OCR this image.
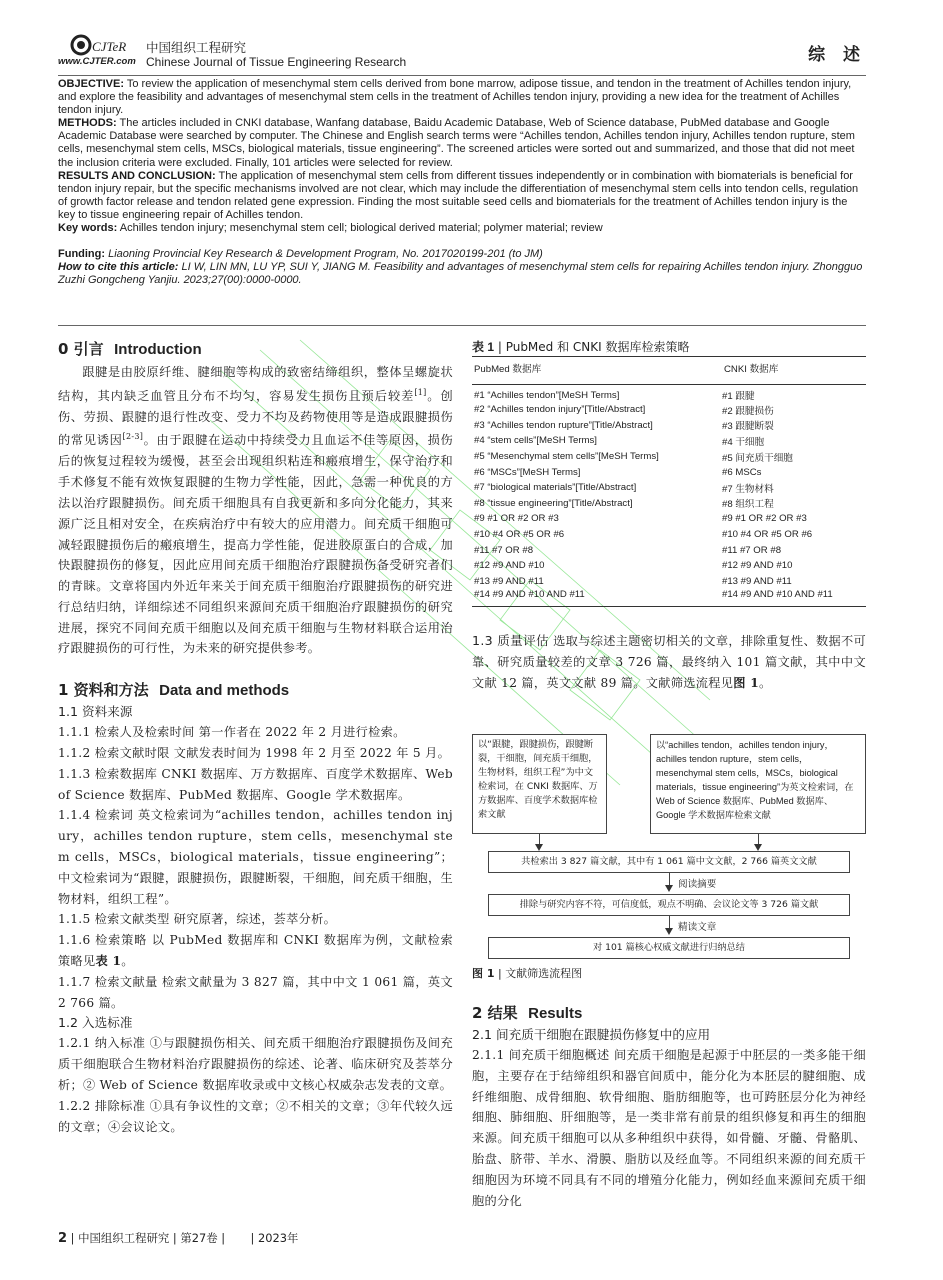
CJTeR
www.CJTER.com
中国组织工程研究
Chinese Journal of Tissue Engineering Research	综 述

OBJECTIVE: To review the application of mesenchymal stem cells derived from bone marrow, adipose tissue, and tendon in the treatment of Achilles tendon injury, and explore the feasibility and advantages of mesenchymal stem cells in the treatment of Achilles tendon injury, providing a new idea for the treatment of Achilles tendon injury.

METHODS: The articles included in CNKI database, Wanfang database, Baidu Academic Database, Web of Science database, PubMed database and Google Academic Database were searched by computer. The Chinese and English search terms were “Achilles tendon, Achilles tendon injury, Achilles tendon rupture, stem cells, mesenchymal stem cells, MSCs, biological materials, tissue engineering”. The screened articles were sorted out and summarized, and those that did not meet the inclusion criteria were excluded. Finally, 101 articles were selected for review.

RESULTS AND CONCLUSION: The application of mesenchymal stem cells from different tissues independently or in combination with biomaterials is beneficial for tendon injury repair, but the specific mechanisms involved are not clear, which may include the differentiation of mesenchymal stem cells into tendon cells, regulation of growth factor release and tendon related gene expression. Finding the most suitable seed cells and biomaterials for the treatment of Achilles tendon injury is the key to tissue engineering repair of Achilles tendon.

Key words: Achilles tendon injury; mesenchymal stem cell; biological derived material; polymer material; review

Funding: Liaoning Provincial Key Research & Development Program, No. 2017020199-201 (to JM)

How to cite this article: LI W, LIN MN, LU YP, SUI Y, JIANG M. Feasibility and advantages of mesenchymal stem cells for repairing Achilles tendon injury. Zhongguo Zuzhi Gongcheng Yanjiu. 2023;27(00):0000-0000.

0 引言 Introduction

跟腱是由胶原纤维、腱细胞等构成的致密结缔组织，整体呈螺旋状结构，其内缺乏血管且分布不均匀，容易发生损伤且预后较差[1]。创伤、劳损、跟腱的退行性改变、受力不均及药物使用等是造成跟腱损伤的常见诱因[2-3]。由于跟腱在运动中持续受力且血运不佳等原因，损伤后的恢复过程较为缓慢，甚至会出现组织粘连和瘢痕增生，保守治疗和手术修复不能有效恢复跟腱的生物力学性能，因此，急需一种优良的方法以治疗跟腱损伤。间充质干细胞具有自我更新和多向分化能力，其来源广泛且相对安全，在疾病治疗中有较大的应用潜力。间充质干细胞可减轻跟腱损伤后的瘢痕增生，提高力学性能，促进胶原蛋白的合成，加快跟腱损伤的修复，因此应用间充质干细胞治疗跟腱损伤备受研究者们的青睐。文章将国内外近年来关于间充质干细胞治疗跟腱损伤的研究进行总结归纳，详细综述不同组织来源间充质干细胞治疗跟腱损伤的研究进展，探究不同间充质干细胞以及间充质干细胞与生物材料联合运用治疗跟腱损伤的可行性，为未来的研究提供参考。

1 资料和方法 Data and methods
1.1 资料来源

1.1.1 检索人及检索时间 第一作者在 2022 年 2 月进行检索。

1.1.2 检索文献时限 文献发表时间为 1998 年 2 月至 2022 年 5 月。

1.1.3 检索数据库 CNKI 数据库、万方数据库、百度学术数据库、Web of Science 数据库、PubMed 数据库、Google 学术数据库。

1.1.4 检索词 英文检索词为“achilles tendon，achilles tendon injury，achilles tendon rupture，stem cells，mesenchymal stem cells，MSCs，biological materials，tissue engineering”；中文检索词为“跟腱，跟腱损伤，跟腱断裂，干细胞，间充质干细胞，生物材料，组织工程”。

1.1.5 检索文献类型 研究原著，综述，荟萃分析。

1.1.6 检索策略 以 PubMed 数据库和 CNKI 数据库为例，文献检索策略见表 1。

1.1.7 检索文献量 检索文献量为 3 827 篇，其中中文 1 061 篇，英文 2 766 篇。

1.2 入选标准

1.2.1 纳入标准 ①与跟腱损伤相关、间充质干细胞治疗跟腱损伤及间充质干细胞联合生物材料治疗跟腱损伤的综述、论著、临床研究及荟萃分析；② Web of Science 数据库收录或中文核心权威杂志发表的文章。

1.2.2 排除标准 ①具有争议性的文章；②不相关的文章；③年代较久远的文章；④会议论文。

表 1 | PubMed 和 CNKI 数据库检索策略
PubMed 数据库	CNKI 数据库
#1 “Achilles tendon”[MeSH Terms]	#1 跟腱
#2 “Achilles tendon injury”[Title/Abstract]	#2 跟腱损伤
#3 “Achilles tendon rupture”[Title/Abstract]	#3 跟腱断裂
#4 “stem cells”[MeSH Terms]	#4 干细胞
#5 “Mesenchymal stem cells”[MeSH Terms]	#5 间充质干细胞
#6 “MSCs”[MeSH Terms]	#6 MSCs
#7 “biological materials”[Title/Abstract]	#7 生物材料
#8 “tissue engineering”[Title/Abstract]	#8 组织工程
#9 #1 OR #2 OR #3	#9 #1 OR #2 OR #3
#10 #4 OR #5 OR #6	#10 #4 OR #5 OR #6
#11 #7 OR #8	#11 #7 OR #8
#12 #9 AND #10	#12 #9 AND #10
#13 #9 AND #11	#13 #9 AND #11
#14 #9 AND #10 AND #11	#14 #9 AND #10 AND #11

1.3 质量评估 选取与综述主题密切相关的文章，排除重复性、数据不可靠、研究质量较差的文章 3 726 篇，最终纳入 101 篇文献，其中中文文献 12 篇，英文文献 89 篇。文献筛选流程见图 1。

以“跟腱，跟腱损伤，跟腱断裂，干细胞，间充质干细胞，生物材料，组织工程”为中文检索词，在 CNKI 数据库、万方数据库、百度学术数据库检索文献
以“achilles tendon，achilles tendon injury，achilles tendon rupture，stem cells，mesenchymal stem cells，MSCs，biological materials，tissue engineering”为英文检索词，在 Web of Science 数据库、PubMed 数据库、Google 学术数据库检索文献
共检索出 3 827 篇文献，其中有 1 061 篇中文文献，2 766 篇英文文献
阅读摘要
排除与研究内容不符，可信度低，观点不明确、会议论文等 3 726 篇文献
精读文章
对 101 篇核心权威文献进行归纳总结
图 1 | 文献筛选流程图
2 结果 Results
2.1 间充质干细胞在跟腱损伤修复中的应用

2.1.1 间充质干细胞概述 间充质干细胞是起源于中胚层的一类多能干细胞，主要存在于结缔组织和器官间质中，能分化为本胚层的腱细胞、成纤维细胞、成骨细胞、软骨细胞、脂肪细胞等，也可跨胚层分化为神经细胞、肺细胞、肝细胞等，是一类非常有前景的组织修复和再生的细胞来源。间充质干细胞可以从多种组织中获得，如骨髓、牙髓、骨骼肌、胎盘、脐带、羊水、滑膜、脂肪以及经血等。不同组织来源的间充质干细胞因为环境不同具有不同的增殖分化能力，例如经血来源间充质干细胞的分化

2 | 中国组织工程研究 | 第27卷 |       | 2023年
